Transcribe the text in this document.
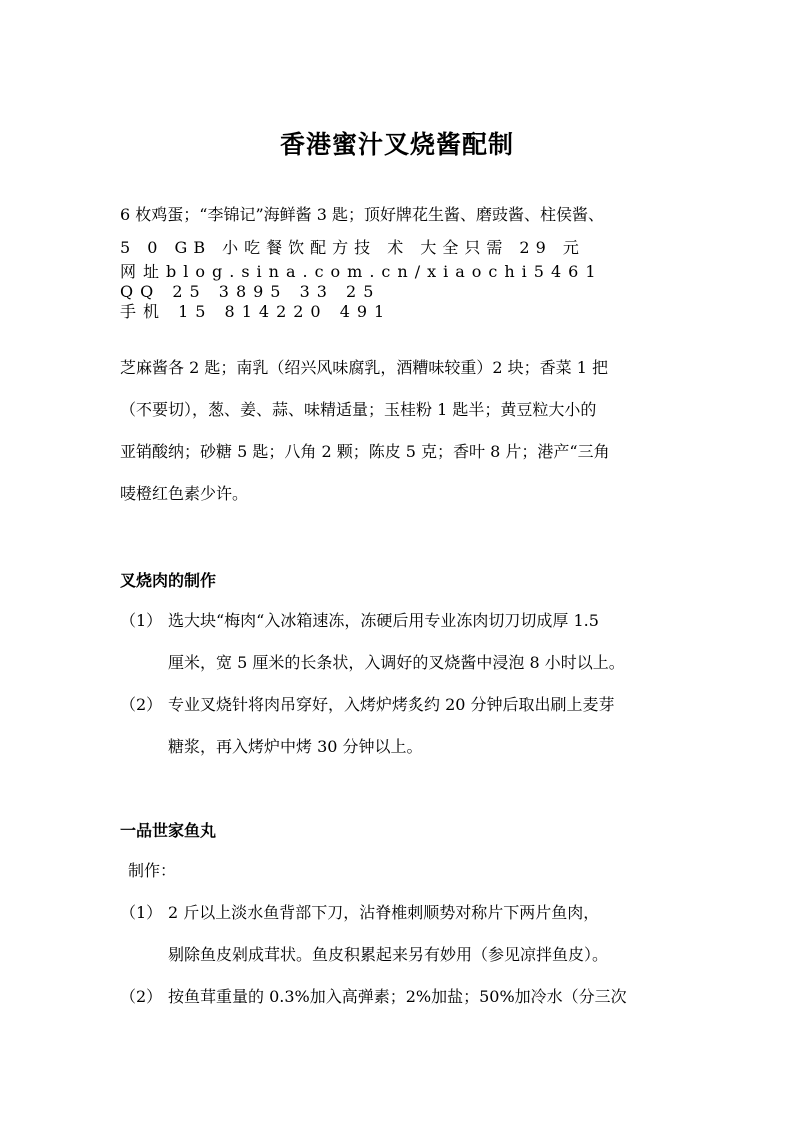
香港蜜汁叉烧酱配制
6 枚鸡蛋；“李锦记”海鲜酱 3 匙；顶好牌花生酱、磨豉酱、柱侯酱、
5 0 GB 小吃餐饮配方技 术 大全只需 29 元
网址blog.sina.com.cn/xiaochi5461
QQ 25 3895 33 25
手机 15 814220 491
芝麻酱各 2 匙；南乳（绍兴风味腐乳，酒糟味较重）2 块；香菜 1 把
（不要切），葱、姜、蒜、味精适量；玉桂粉 1 匙半；黄豆粒大小的
亚销酸纳；砂糖 5 匙；八角 2 颗；陈皮 5 克；香叶 8 片；港产“三角
唛橙红色素少许。
叉烧肉的制作
（1） 选大块“梅肉“入冰箱速冻，冻硬后用专业冻肉切刀切成厚 1.5
厘米，宽 5 厘米的长条状，入调好的叉烧酱中浸泡 8 小时以上。
（2） 专业叉烧针将肉吊穿好，入烤炉烤炙约 20 分钟后取出刷上麦芽
糖浆，再入烤炉中烤 30 分钟以上。
一品世家鱼丸
制作：
（1） 2 斤以上淡水鱼背部下刀，沾脊椎刺顺势对称片下两片鱼肉，
剔除鱼皮剁成茸状。鱼皮积累起来另有妙用（参见凉拌鱼皮）。
（2） 按鱼茸重量的 0.3%加入高弹素；2%加盐；50%加冷水（分三次
